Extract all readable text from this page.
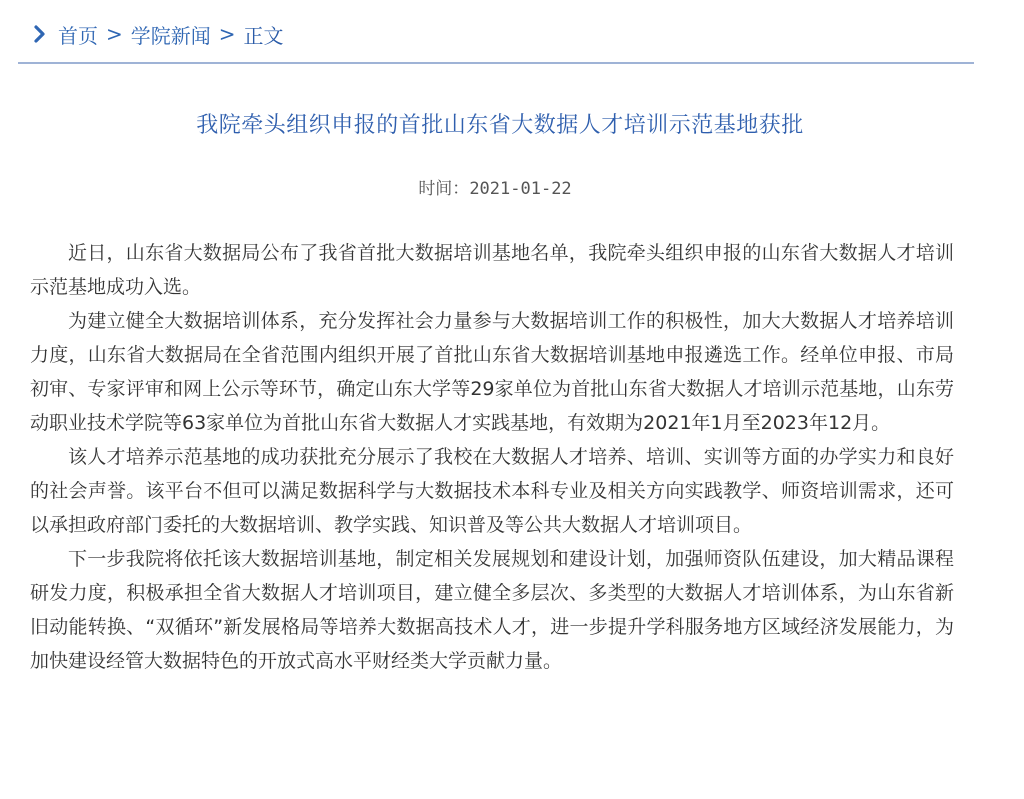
首页 > 学院新闻 > 正文
我院牵头组织申报的首批山东省大数据人才培训示范基地获批
时间：2021-01-22

近日，山东省大数据局公布了我省首批大数据培训基地名单，我院牵头组织申报的山东省大数据人才培训示范基地成功入选。

为建立健全大数据培训体系，充分发挥社会力量参与大数据培训工作的积极性，加大大数据人才培养培训力度，山东省大数据局在全省范围内组织开展了首批山东省大数据培训基地申报遴选工作。经单位申报、市局初审、专家评审和网上公示等环节，确定山东大学等29家单位为首批山东省大数据人才培训示范基地，山东劳动职业技术学院等63家单位为首批山东省大数据人才实践基地，有效期为2021年1月至2023年12月。

该人才培养示范基地的成功获批充分展示了我校在大数据人才培养、培训、实训等方面的办学实力和良好的社会声誉。该平台不但可以满足数据科学与大数据技术本科专业及相关方向实践教学、师资培训需求，还可以承担政府部门委托的大数据培训、教学实践、知识普及等公共大数据人才培训项目。

下一步我院将依托该大数据培训基地，制定相关发展规划和建设计划，加强师资队伍建设，加大精品课程研发力度，积极承担全省大数据人才培训项目，建立健全多层次、多类型的大数据人才培训体系，为山东省新旧动能转换、“双循环”新发展格局等培养大数据高技术人才，进一步提升学科服务地方区域经济发展能力，为加快建设经管大数据特色的开放式高水平财经类大学贡献力量。
